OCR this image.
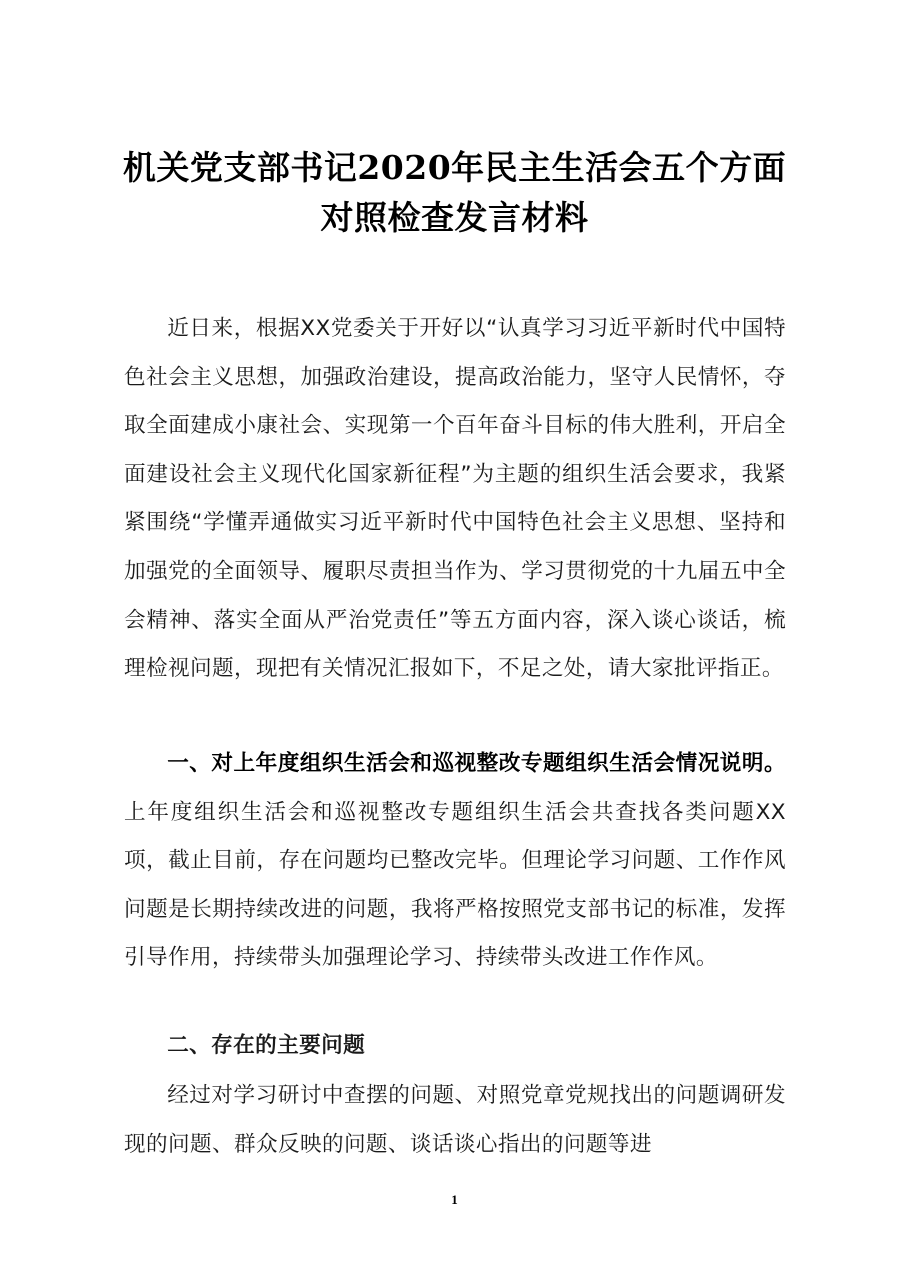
机关党支部书记2020年民主生活会五个方面
对照检查发言材料

近日来，根据XX党委关于开好以“认真学习习近平新时代中国特色社会主义思想，加强政治建设，提高政治能力，坚守人民情怀，夺取全面建成小康社会、实现第一个百年奋斗目标的伟大胜利，开启全面建设社会主义现代化国家新征程”为主题的组织生活会要求，我紧紧围绕“学懂弄通做实习近平新时代中国特色社会主义思想、坚持和加强党的全面领导、履职尽责担当作为、学习贯彻党的十九届五中全会精神、落实全面从严治党责任”等五方面内容，深入谈心谈话，梳理检视问题，现把有关情况汇报如下，不足之处，请大家批评指正。

一、对上年度组织生活会和巡视整改专题组织生活会情况说明。上年度组织生活会和巡视整改专题组织生活会共查找各类问题XX项，截止目前，存在问题均已整改完毕。但理论学习问题、工作作风问题是长期持续改进的问题，我将严格按照党支部书记的标准，发挥引导作用，持续带头加强理论学习、持续带头改进工作作风。

二、存在的主要问题

经过对学习研讨中查摆的问题、对照党章党规找出的问题调研发现的问题、群众反映的问题、谈话谈心指出的问题等进

1
